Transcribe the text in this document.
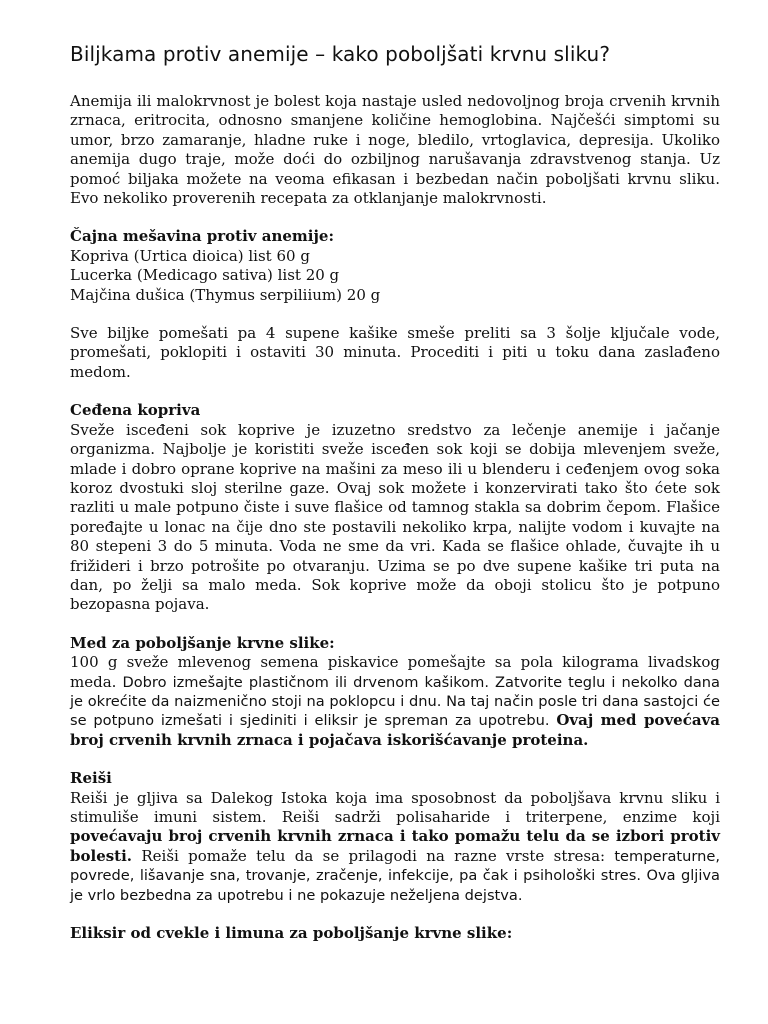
Biljkama protiv anemije – kako poboljšati krvnu sliku?

Anemija ili malokrvnost je bolest koja nastaje usled nedovoljnog broja crvenih krvnih zrnaca, eritrocita, odnosno smanjene količine hemoglobina. Najčešći simptomi su umor, brzo zamaranje, hladne ruke i noge, bledilo, vrtoglavica, depresija. Ukoliko anemija dugo traje, može doći do ozbiljnog narušavanja zdravstvenog stanja. Uz pomoć biljaka možete na veoma efikasan i bezbedan način poboljšati krvnu sliku. Evo nekoliko proverenih recepata za otklanjanje malokrvnosti.

Čajna mešavina protiv anemije:

Kopriva (Urtica dioica) list 60 g

Lucerka (Medicago sativa) list 20 g

Majčina dušica (Thymus serpiliium) 20 g

Sve biljke pomešati pa 4 supene kašike smeše preliti sa 3 šolje ključale vode, promešati, poklopiti i ostaviti 30 minuta. Proceditі i piti u toku dana zaslađeno medom.

Ceđena kopriva

Sveže isceđeni sok koprive je izuzetno sredstvo za lečenje anemije i jačanje organizma. Najbolje je koristiti sveže isceđen sok koji se dobija mlevenjem sveže, mlade i dobro oprane koprive na mašini za meso ili u blenderu i ceđenjem ovog soka koroz dvostuki sloj sterilne gaze. Ovaj sok možete i konzervirati tako što ćete sok razliti u male potpuno čiste i suve flašice od tamnog stakla sa dobrim čepom. Flašice poređajte u lonac na čije dno ste postavili nekoliko krpa, nalijte vodom i kuvajte na 80 stepeni 3 do 5 minuta. Voda ne sme da vri. Kada se flašice ohlade, čuvajte ih u frižideri i brzo potrošite po otvaranju. Uzima se po dve supene kašike tri puta na dan, po želji sa malo meda. Sok koprive može da oboji stolicu što je potpuno bezopasna pojava.

Med za poboljšanje krvne slike:

100 g sveže mlevenog semena piskavice pomešajte sa pola kilograma livadskog meda. Dobro izmešajte plastičnom ili drvenom kašikom. Zatvorite teglu i nekolko dana je okrećite da naizmenično stoji na poklopcu i dnu. Na taj način posle tri dana sastojci će se potpuno izmešati i sjediniti i eliksir je spreman za upotrebu. Ovaj med povećava broj crvenih krvnih zrnaca i pojačava iskorišćavanje proteina.

Reiši

Reiši je gljiva sa Dalekog Istoka koja ima sposobnost da poboljšava krvnu sliku i stimuliše imuni sistem. Reiši sadrži polisaharide i triterpene, enzime koji povećavaju broj crvenih krvnih zrnaca i tako pomažu telu da se izbori protiv bolesti. Reiši pomaže telu da se prilagodi na razne vrste stresa: temperaturne, povrede, lišavanje sna, trovanje, zračenje, infekcije, pa čak i psihološki stres. Ova gljiva je vrlo bezbedna za upotrebu i ne pokazuje neželjena dejstva.

Eliksir od cvekle i limuna za poboljšanje krvne slike:
